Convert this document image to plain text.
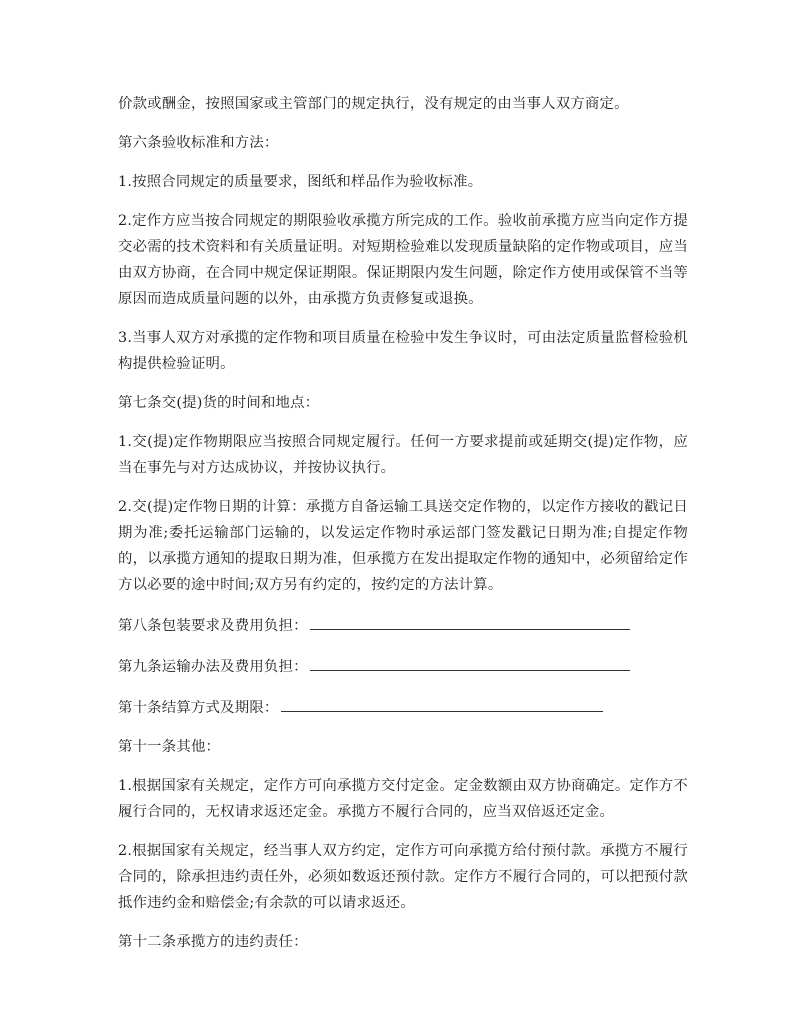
价款或酬金，按照国家或主管部门的规定执行，没有规定的由当事人双方商定。

第六条验收标准和方法：

1.按照合同规定的质量要求，图纸和样品作为验收标准。

2.定作方应当按合同规定的期限验收承揽方所完成的工作。验收前承揽方应当向定作方提交必需的技术资料和有关质量证明。对短期检验难以发现质量缺陷的定作物或项目，应当由双方协商，在合同中规定保证期限。保证期限内发生问题，除定作方使用或保管不当等原因而造成质量问题的以外，由承揽方负责修复或退换。

3.当事人双方对承揽的定作物和项目质量在检验中发生争议时，可由法定质量监督检验机构提供检验证明。

第七条交(提)货的时间和地点：

1.交(提)定作物期限应当按照合同规定履行。任何一方要求提前或延期交(提)定作物，应当在事先与对方达成协议，并按协议执行。

2.交(提)定作物日期的计算：承揽方自备运输工具送交定作物的，以定作方接收的戳记日期为准;委托运输部门运输的，以发运定作物时承运部门签发戳记日期为准;自提定作物的，以承揽方通知的提取日期为准，但承揽方在发出提取定作物的通知中，必须留给定作方以必要的途中时间;双方另有约定的，按约定的方法计算。

第八条包装要求及费用负担：

第九条运输办法及费用负担：

第十条结算方式及期限：

第十一条其他：

1.根据国家有关规定，定作方可向承揽方交付定金。定金数额由双方协商确定。定作方不履行合同的，无权请求返还定金。承揽方不履行合同的，应当双倍返还定金。

2.根据国家有关规定，经当事人双方约定，定作方可向承揽方给付预付款。承揽方不履行合同的，除承担违约责任外，必须如数返还预付款。定作方不履行合同的，可以把预付款抵作违约金和赔偿金;有余款的可以请求返还。

第十二条承揽方的违约责任：
